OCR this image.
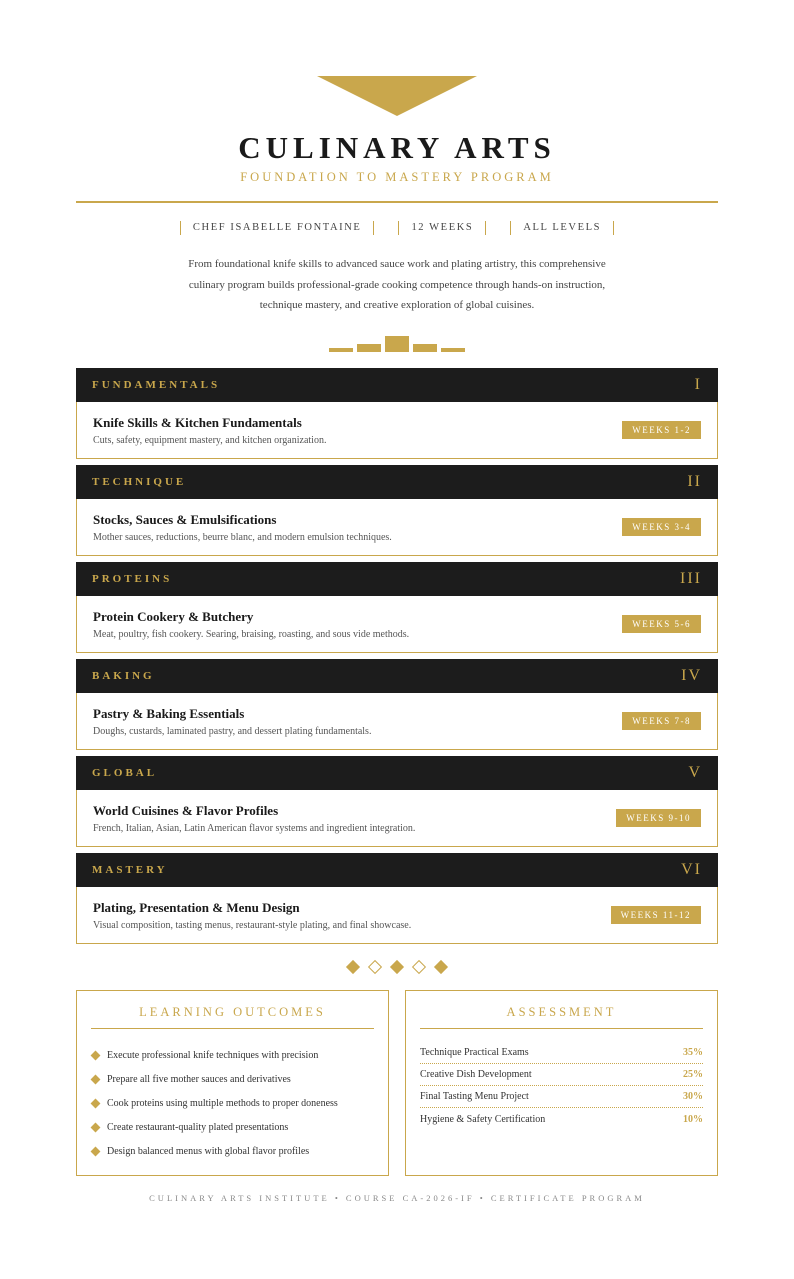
CULINARY ARTS
FOUNDATION TO MASTERY PROGRAM
CHEF ISABELLE FONTAINE	12 WEEKS	ALL LEVELS

From foundational knife skills to advanced sauce work and plating artistry, this comprehensive culinary program builds professional-grade cooking competence through hands-on instruction, technique mastery, and creative exploration of global cuisines.

FUNDAMENTALS	I
Knife Skills & Kitchen Fundamentals
Cuts, safety, equipment mastery, and kitchen organization.
WEEKS 1-2
TECHNIQUE	II
Stocks, Sauces & Emulsifications
Mother sauces, reductions, beurre blanc, and modern emulsion techniques.
WEEKS 3-4
PROTEINS	III
Protein Cookery & Butchery
Meat, poultry, fish cookery. Searing, braising, roasting, and sous vide methods.
WEEKS 5-6
BAKING	IV
Pastry & Baking Essentials
Doughs, custards, laminated pastry, and dessert plating fundamentals.
WEEKS 7-8
GLOBAL	V
World Cuisines & Flavor Profiles
French, Italian, Asian, Latin American flavor systems and ingredient integration.
WEEKS 9-10
MASTERY	VI
Plating, Presentation & Menu Design
Visual composition, tasting menus, restaurant-style plating, and final showcase.
WEEKS 11-12
LEARNING OUTCOMES
Execute professional knife techniques with precision
Prepare all five mother sauces and derivatives
Cook proteins using multiple methods to proper doneness
Create restaurant-quality plated presentations
Design balanced menus with global flavor profiles
ASSESSMENT
Technique Practical Exams	35%
Creative Dish Development	25%
Final Tasting Menu Project	30%
Hygiene & Safety Certification	10%
CULINARY ARTS INSTITUTE • COURSE CA-2026-IF • CERTIFICATE PROGRAM
